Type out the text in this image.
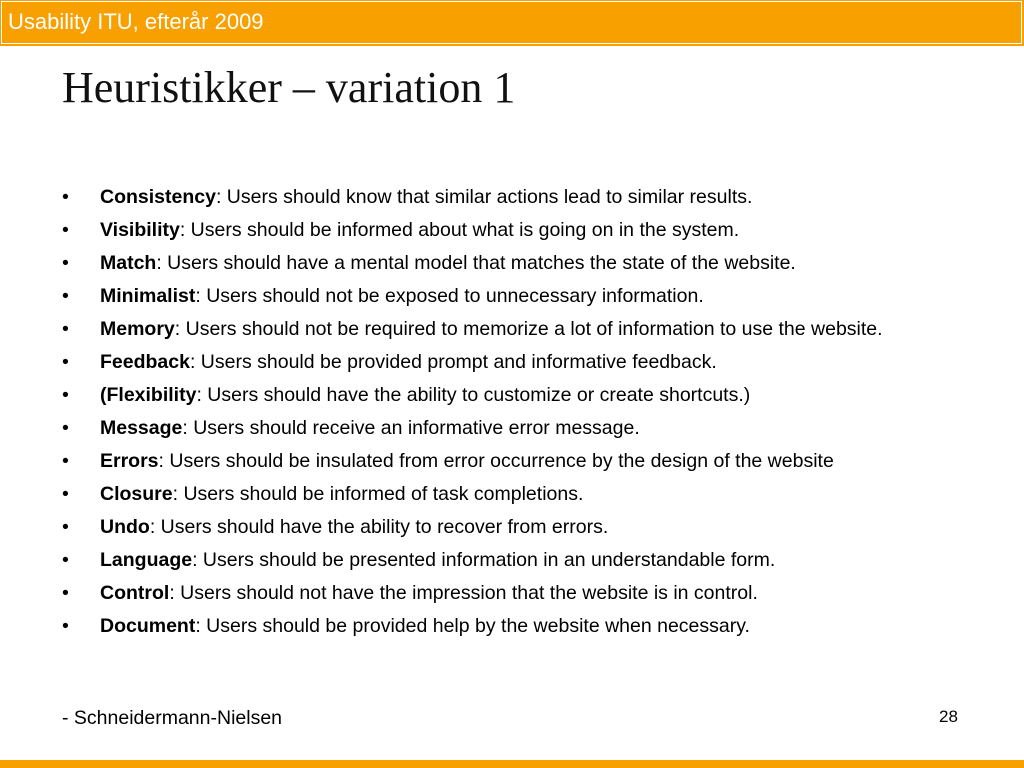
Usability ITU, efterår 2009
Heuristikker – variation 1
• Consistency: Users should know that similar actions lead to similar results.
• Visibility: Users should be informed about what is going on in the system.
• Match: Users should have a mental model that matches the state of the website.
• Minimalist: Users should not be exposed to unnecessary information.
• Memory: Users should not be required to memorize a lot of information to use the website.
• Feedback: Users should be provided prompt and informative feedback.
• (Flexibility: Users should have the ability to customize or create shortcuts.)
• Message: Users should receive an informative error message.
• Errors: Users should be insulated from error occurrence by the design of the website
• Closure: Users should be informed of task completions.
• Undo: Users should have the ability to recover from errors.
• Language: Users should be presented information in an understandable form.
• Control: Users should not have the impression that the website is in control.
• Document: Users should be provided help by the website when necessary.
- Schneidermann-Nielsen	28
